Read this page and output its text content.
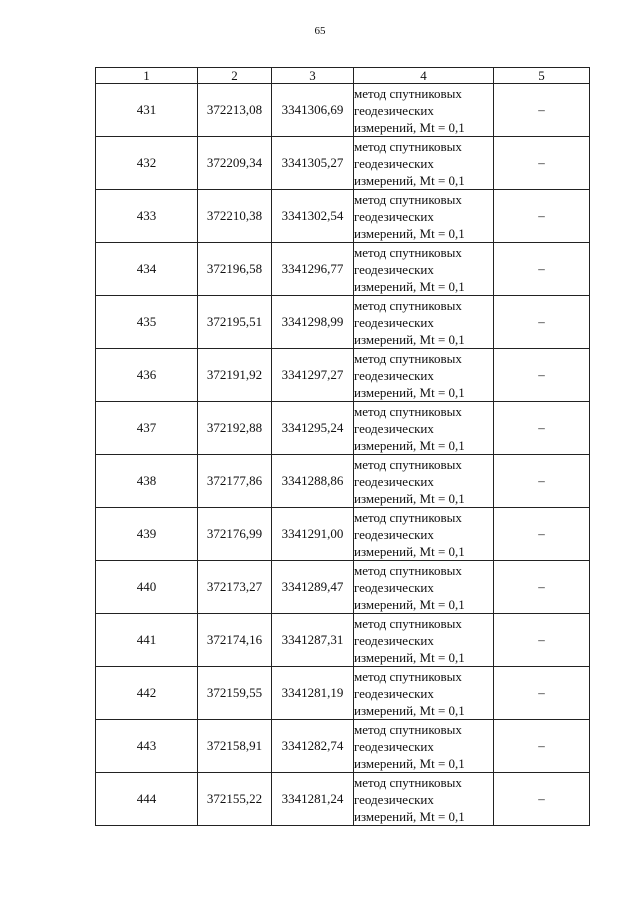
65
1	2	3	4	5
431	372213,08	3341306,69	метод спутниковых
геодезических
измерений, Mt = 0,1	–
432	372209,34	3341305,27	метод спутниковых
геодезических
измерений, Mt = 0,1	–
433	372210,38	3341302,54	метод спутниковых
геодезических
измерений, Mt = 0,1	–
434	372196,58	3341296,77	метод спутниковых
геодезических
измерений, Mt = 0,1	–
435	372195,51	3341298,99	метод спутниковых
геодезических
измерений, Mt = 0,1	–
436	372191,92	3341297,27	метод спутниковых
геодезических
измерений, Mt = 0,1	–
437	372192,88	3341295,24	метод спутниковых
геодезических
измерений, Mt = 0,1	–
438	372177,86	3341288,86	метод спутниковых
геодезических
измерений, Mt = 0,1	–
439	372176,99	3341291,00	метод спутниковых
геодезических
измерений, Mt = 0,1	–
440	372173,27	3341289,47	метод спутниковых
геодезических
измерений, Mt = 0,1	–
441	372174,16	3341287,31	метод спутниковых
геодезических
измерений, Mt = 0,1	–
442	372159,55	3341281,19	метод спутниковых
геодезических
измерений, Mt = 0,1	–
443	372158,91	3341282,74	метод спутниковых
геодезических
измерений, Mt = 0,1	–
444	372155,22	3341281,24	метод спутниковых
геодезических
измерений, Mt = 0,1	–
